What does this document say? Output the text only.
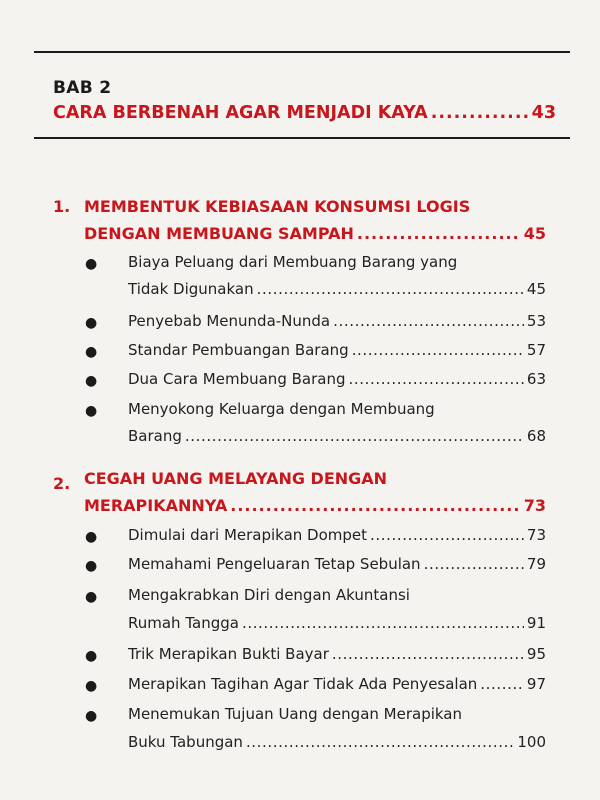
BAB 2
CARA BERBENAH AGAR MENJADI KAYA .....	43
1. MEMBENTUK KEBIASAAN KONSUMSI LOGIS
DENGAN MEMBUANG SAMPAH .....	45
● Biaya Peluang dari Membuang Barang yang
Tidak Digunakan .....	45
● Penyebab Menunda-Nunda .....	53
● Standar Pembuangan Barang .....	57
● Dua Cara Membuang Barang .....	63
● Menyokong Keluarga dengan Membuang
Barang .....	68
2. CEGAH UANG MELAYANG DENGAN
MERAPIKANNYA .....	73
● Dimulai dari Merapikan Dompet .....	73
● Memahami Pengeluaran Tetap Sebulan .....	79
● Mengakrabkan Diri dengan Akuntansi
Rumah Tangga .....	91
● Trik Merapikan Bukti Bayar .....	95
● Merapikan Tagihan Agar Tidak Ada Penyesalan .....	97
● Menemukan Tujuan Uang dengan Merapikan
Buku Tabungan .....	100
